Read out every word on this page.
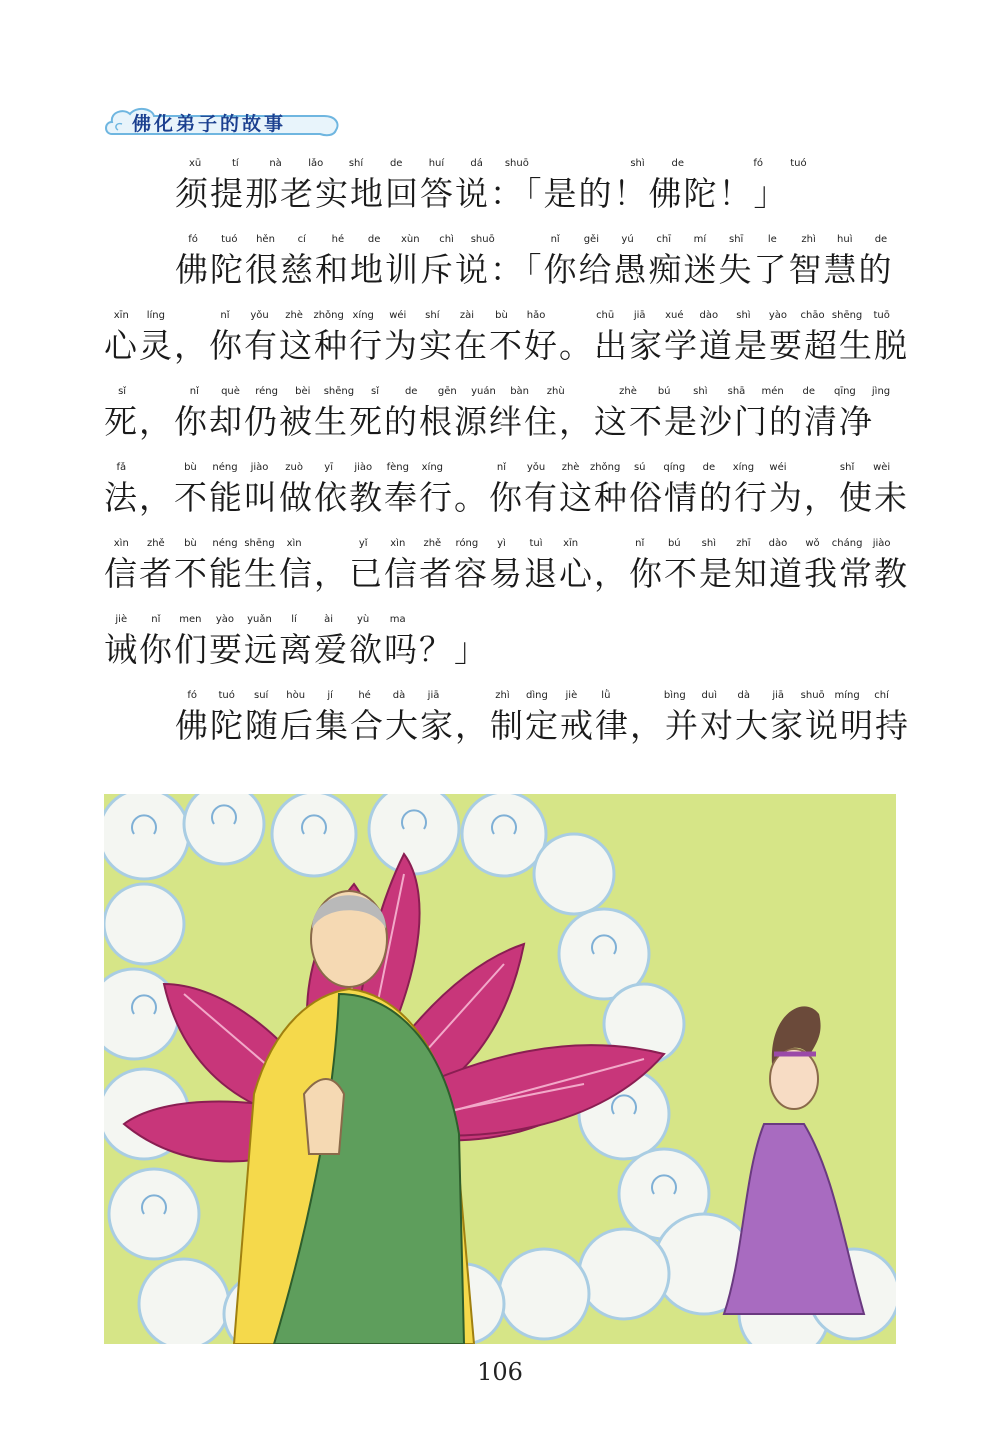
佛化弟子的故事
xū	tí	nà	lǎo	shí	de	huí	dá	shuō	shì	de	fó	tuó
须提那老实地回答说：「是的！佛陀！」
fó	tuó	hěn	cí	hé	de	xùn	chì	shuō	nǐ	gěi	yú	chī	mí	shī	le	zhì	huì	de
佛陀很慈和地训斥说：「你给愚痴迷失了智慧的
xīn	líng	nǐ	yǒu	zhè	zhǒng xíng	wéi	shí	zài	bù	hǎo	chū	jiā	xué	dào	shì	yào	chāo shēng	tuō
心灵，你有这种行为实在不好。出家学道是要超生脱
sǐ	nǐ	què	réng	bèi	shēng	sǐ	de	gēn	yuán	bàn	zhù	zhè	bú	shì	shā	mén	de	qīng	jìng
死，你却仍被生死的根源绊住，这不是沙门的清净
fǎ	bù	néng	jiào	zuò	yī	jiào	fèng	xíng	nǐ	yǒu	zhè	zhǒng	sú	qíng	de	xíng	wéi	shǐ	wèi
法，不能叫做依教奉行。你有这种俗情的行为，使未
xìn	zhě	bù	néng shēng	xìn	yǐ	xìn	zhě	róng	yì	tuì	xīn	nǐ	bú	shì	zhī	dào	wǒ	cháng	jiào
信者不能生信，已信者容易退心，你不是知道我常教
jiè	nǐ	men	yào	yuǎn	lí	ài	yù	ma
诫你们要远离爱欲吗？」
fó	tuó	suí	hòu	jí	hé	dà	jiā	zhì	dìng	jiè	lǜ	bìng	duì	dà	jiā	shuō míng	chí
佛陀随后集合大家，制定戒律，并对大家说明持
106
